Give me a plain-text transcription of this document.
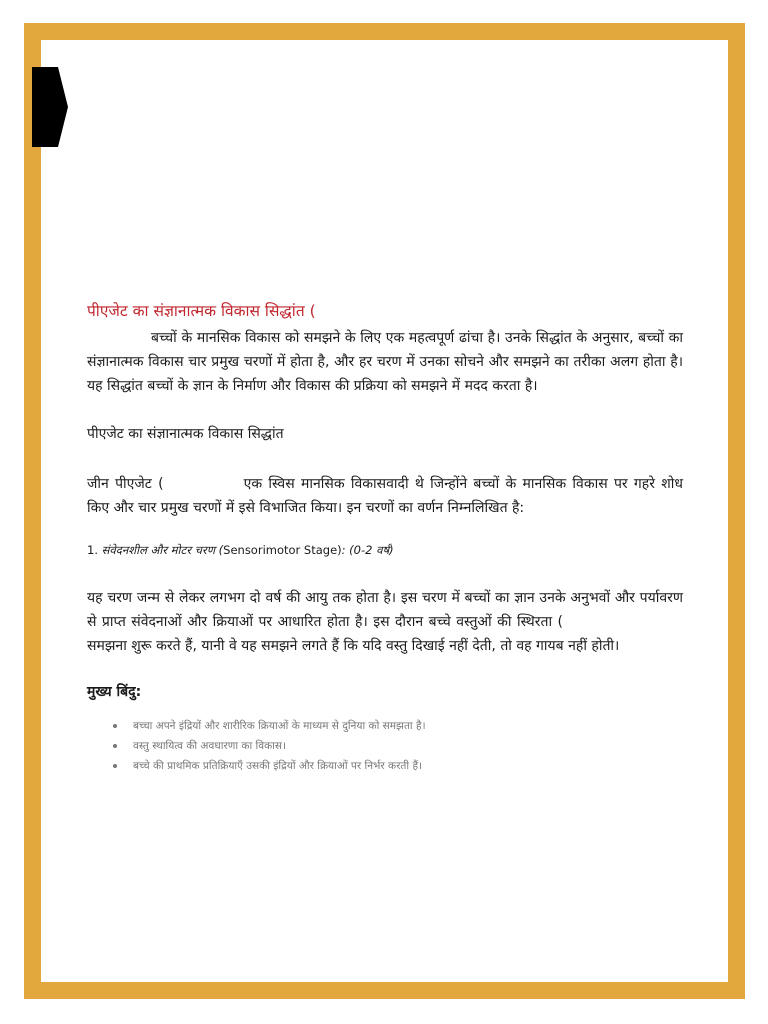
पीएजेट का संज्ञानात्मक विकास सिद्धांत (

बच्चों के मानसिक विकास को समझने के लिए एक महत्वपूर्ण ढांचा है। उनके सिद्धांत के अनुसार, बच्चों का संज्ञानात्मक विकास चार प्रमुख चरणों में होता है, और हर चरण में उनका सोचने और समझने का तरीका अलग होता है। यह सिद्धांत बच्चों के ज्ञान के निर्माण और विकास की प्रक्रिया को समझने में मदद करता है।

पीएजेट का संज्ञानात्मक विकास सिद्धांत

जीन पीएजेट (	एक स्विस मानसिक विकासवादी थे जिन्होंने बच्चों के मानसिक विकास पर गहरे शोध किए और चार प्रमुख चरणों में इसे विभाजित किया। इन चरणों का वर्णन निम्नलिखित है:

1. संवेदनशील और मोटर चरण (Sensorimotor Stage): (0-2 वर्ष)

यह चरण जन्म से लेकर लगभग दो वर्ष की आयु तक होता है। इस चरण में बच्चों का ज्ञान उनके अनुभवों और पर्यावरण से प्राप्त संवेदनाओं और क्रियाओं पर आधारित होता है। इस दौरान बच्चे वस्तुओं की स्थिरता (समझना शुरू करते हैं, यानी वे यह समझने लगते हैं कि यदि वस्तु दिखाई नहीं देती, तो वह गायब नहीं होती।

मुख्य बिंदु:

बच्चा अपने इंद्रियों और शारीरिक क्रियाओं के माध्यम से दुनिया को समझता है।
वस्तु स्थायित्व की अवधारणा का विकास।
बच्चे की प्राथमिक प्रतिक्रियाएँ उसकी इंद्रियों और क्रियाओं पर निर्भर करती हैं।
